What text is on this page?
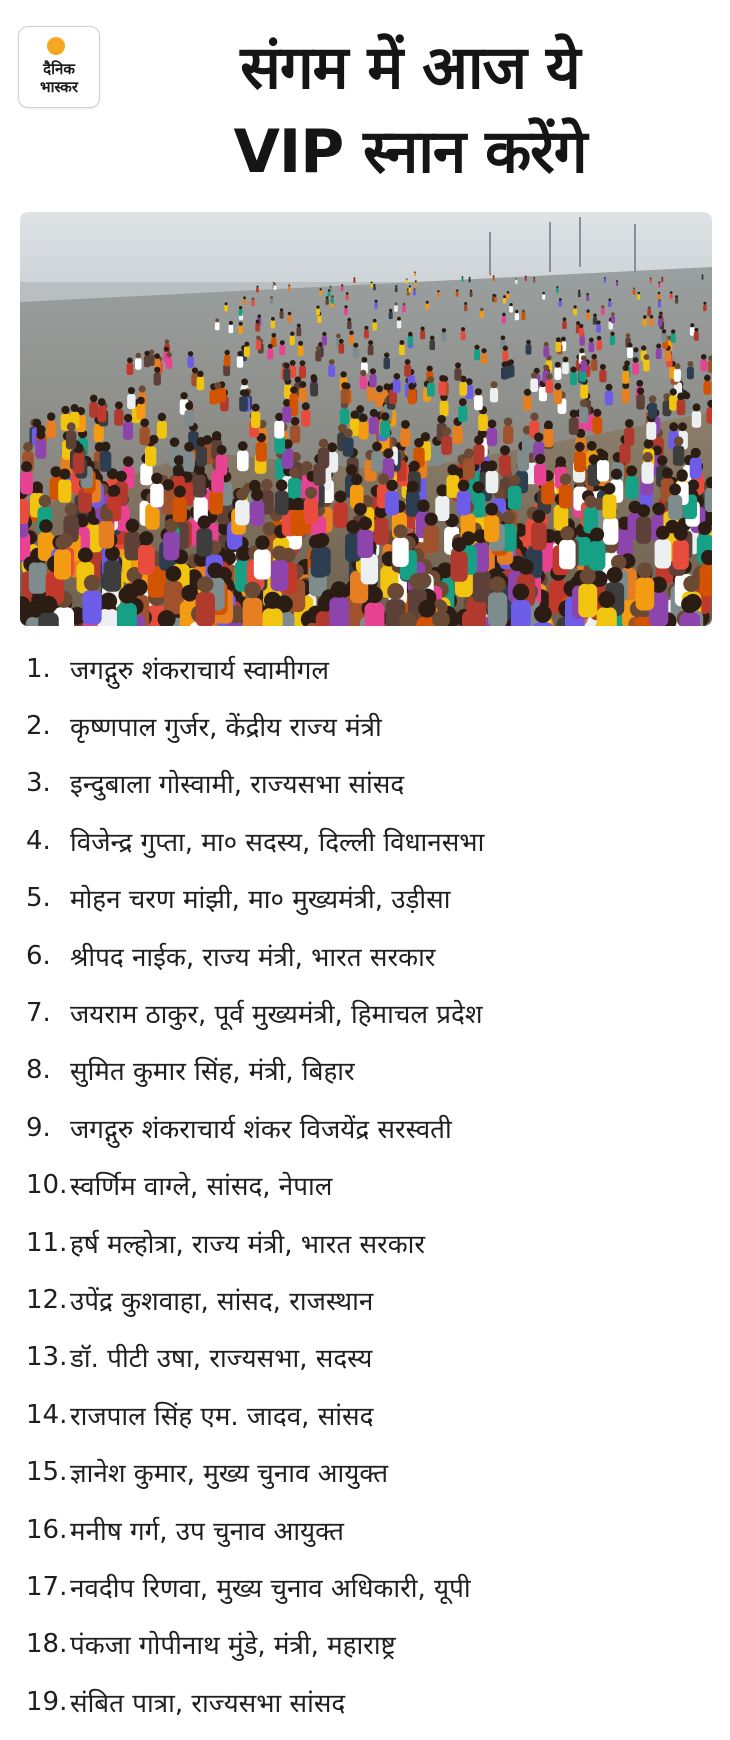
दैनिक
भास्कर	संगम में आज ये
VIP स्नान करेंगे
1. जगद्गुरु शंकराचार्य स्वामीगल
2. कृष्णपाल गुर्जर, केंद्रीय राज्य मंत्री
3. इन्दुबाला गोस्वामी, राज्यसभा सांसद
4. विजेन्द्र गुप्ता, मा० सदस्य, दिल्ली विधानसभा
5. मोहन चरण मांझी, मा० मुख्यमंत्री, उड़ीसा
6. श्रीपद नाईक, राज्य मंत्री, भारत सरकार
7. जयराम ठाकुर, पूर्व मुख्यमंत्री, हिमाचल प्रदेश
8. सुमित कुमार सिंह, मंत्री, बिहार
9. जगद्गुरु शंकराचार्य शंकर विजयेंद्र सरस्वती
10. स्वर्णिम वाग्ले, सांसद, नेपाल
11. हर्ष मल्होत्रा, राज्य मंत्री, भारत सरकार
12. उपेंद्र कुशवाहा, सांसद, राजस्थान
13. डॉ. पीटी उषा, राज्यसभा, सदस्य
14. राजपाल सिंह एम. जादव, सांसद
15. ज्ञानेश कुमार, मुख्य चुनाव आयुक्त
16. मनीष गर्ग, उप चुनाव आयुक्त
17. नवदीप रिणवा, मुख्य चुनाव अधिकारी, यूपी
18. पंकजा गोपीनाथ मुंडे, मंत्री, महाराष्ट्र
19. संबित पात्रा, राज्यसभा सांसद
